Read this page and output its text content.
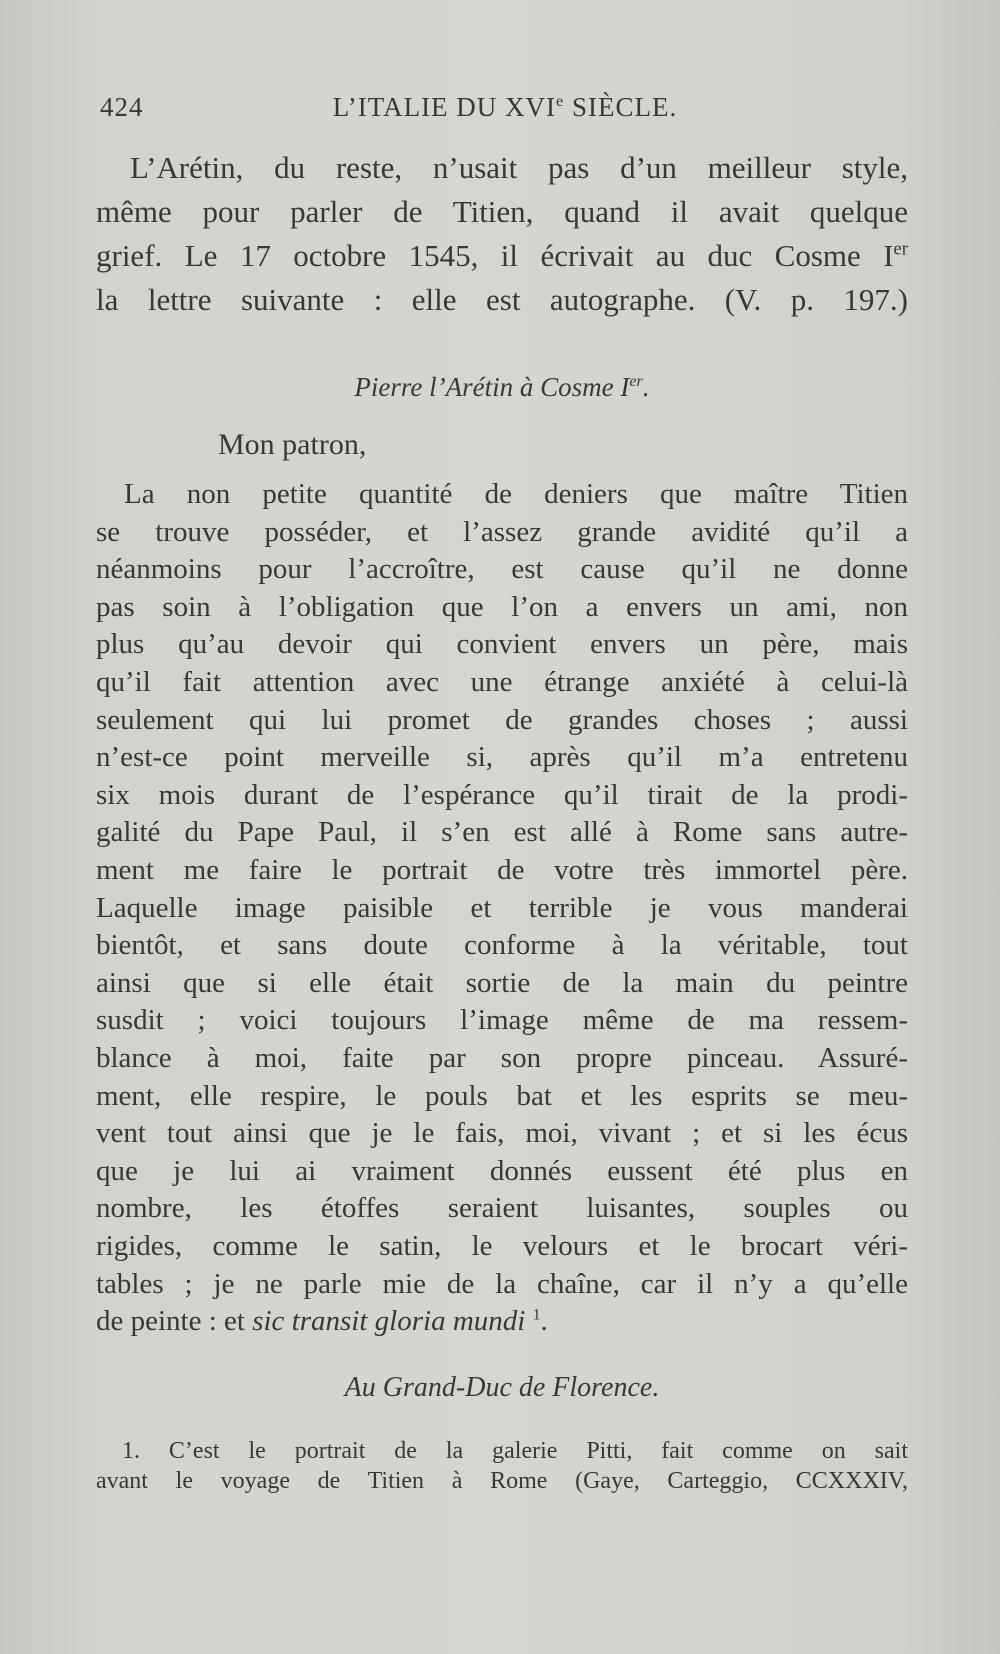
424	L’ITALIE DU XVIe SIÈCLE.
L’Arétin, du reste, n’usait pas d’un meilleur style,
même pour parler de Titien, quand il avait quelque
grief. Le 17 octobre 1545, il écrivait au duc Cosme Ier
la lettre suivante : elle est autographe. (V. p. 197.)
Pierre l’Arétin à Cosme Ier.
Mon patron,
La non petite quantité de deniers que maître Titien
se trouve posséder, et l’assez grande avidité qu’il a
néanmoins pour l’accroître, est cause qu’il ne donne
pas soin à l’obligation que l’on a envers un ami, non
plus qu’au devoir qui convient envers un père, mais
qu’il fait attention avec une étrange anxiété à celui-là
seulement qui lui promet de grandes choses ; aussi
n’est-ce point merveille si, après qu’il m’a entretenu
six mois durant de l’espérance qu’il tirait de la prodi-
galité du Pape Paul, il s’en est allé à Rome sans autre-
ment me faire le portrait de votre très immortel père.
Laquelle image paisible et terrible je vous manderai
bientôt, et sans doute conforme à la véritable, tout
ainsi que si elle était sortie de la main du peintre
susdit ; voici toujours l’image même de ma ressem-
blance à moi, faite par son propre pinceau. Assuré-
ment, elle respire, le pouls bat et les esprits se meu-
vent tout ainsi que je le fais, moi, vivant ; et si les écus
que je lui ai vraiment donnés eussent été plus en
nombre, les étoffes seraient luisantes, souples ou
rigides, comme le satin, le velours et le brocart véri-
tables ; je ne parle mie de la chaîne, car il n’y a qu’elle
de peinte : et sic transit gloria mundi $^1$.
Au Grand-Duc de Florence.
1. C’est le portrait de la galerie Pitti, fait comme on sait
avant le voyage de Titien à Rome (Gaye, Carteggio, CCXXXIV,
